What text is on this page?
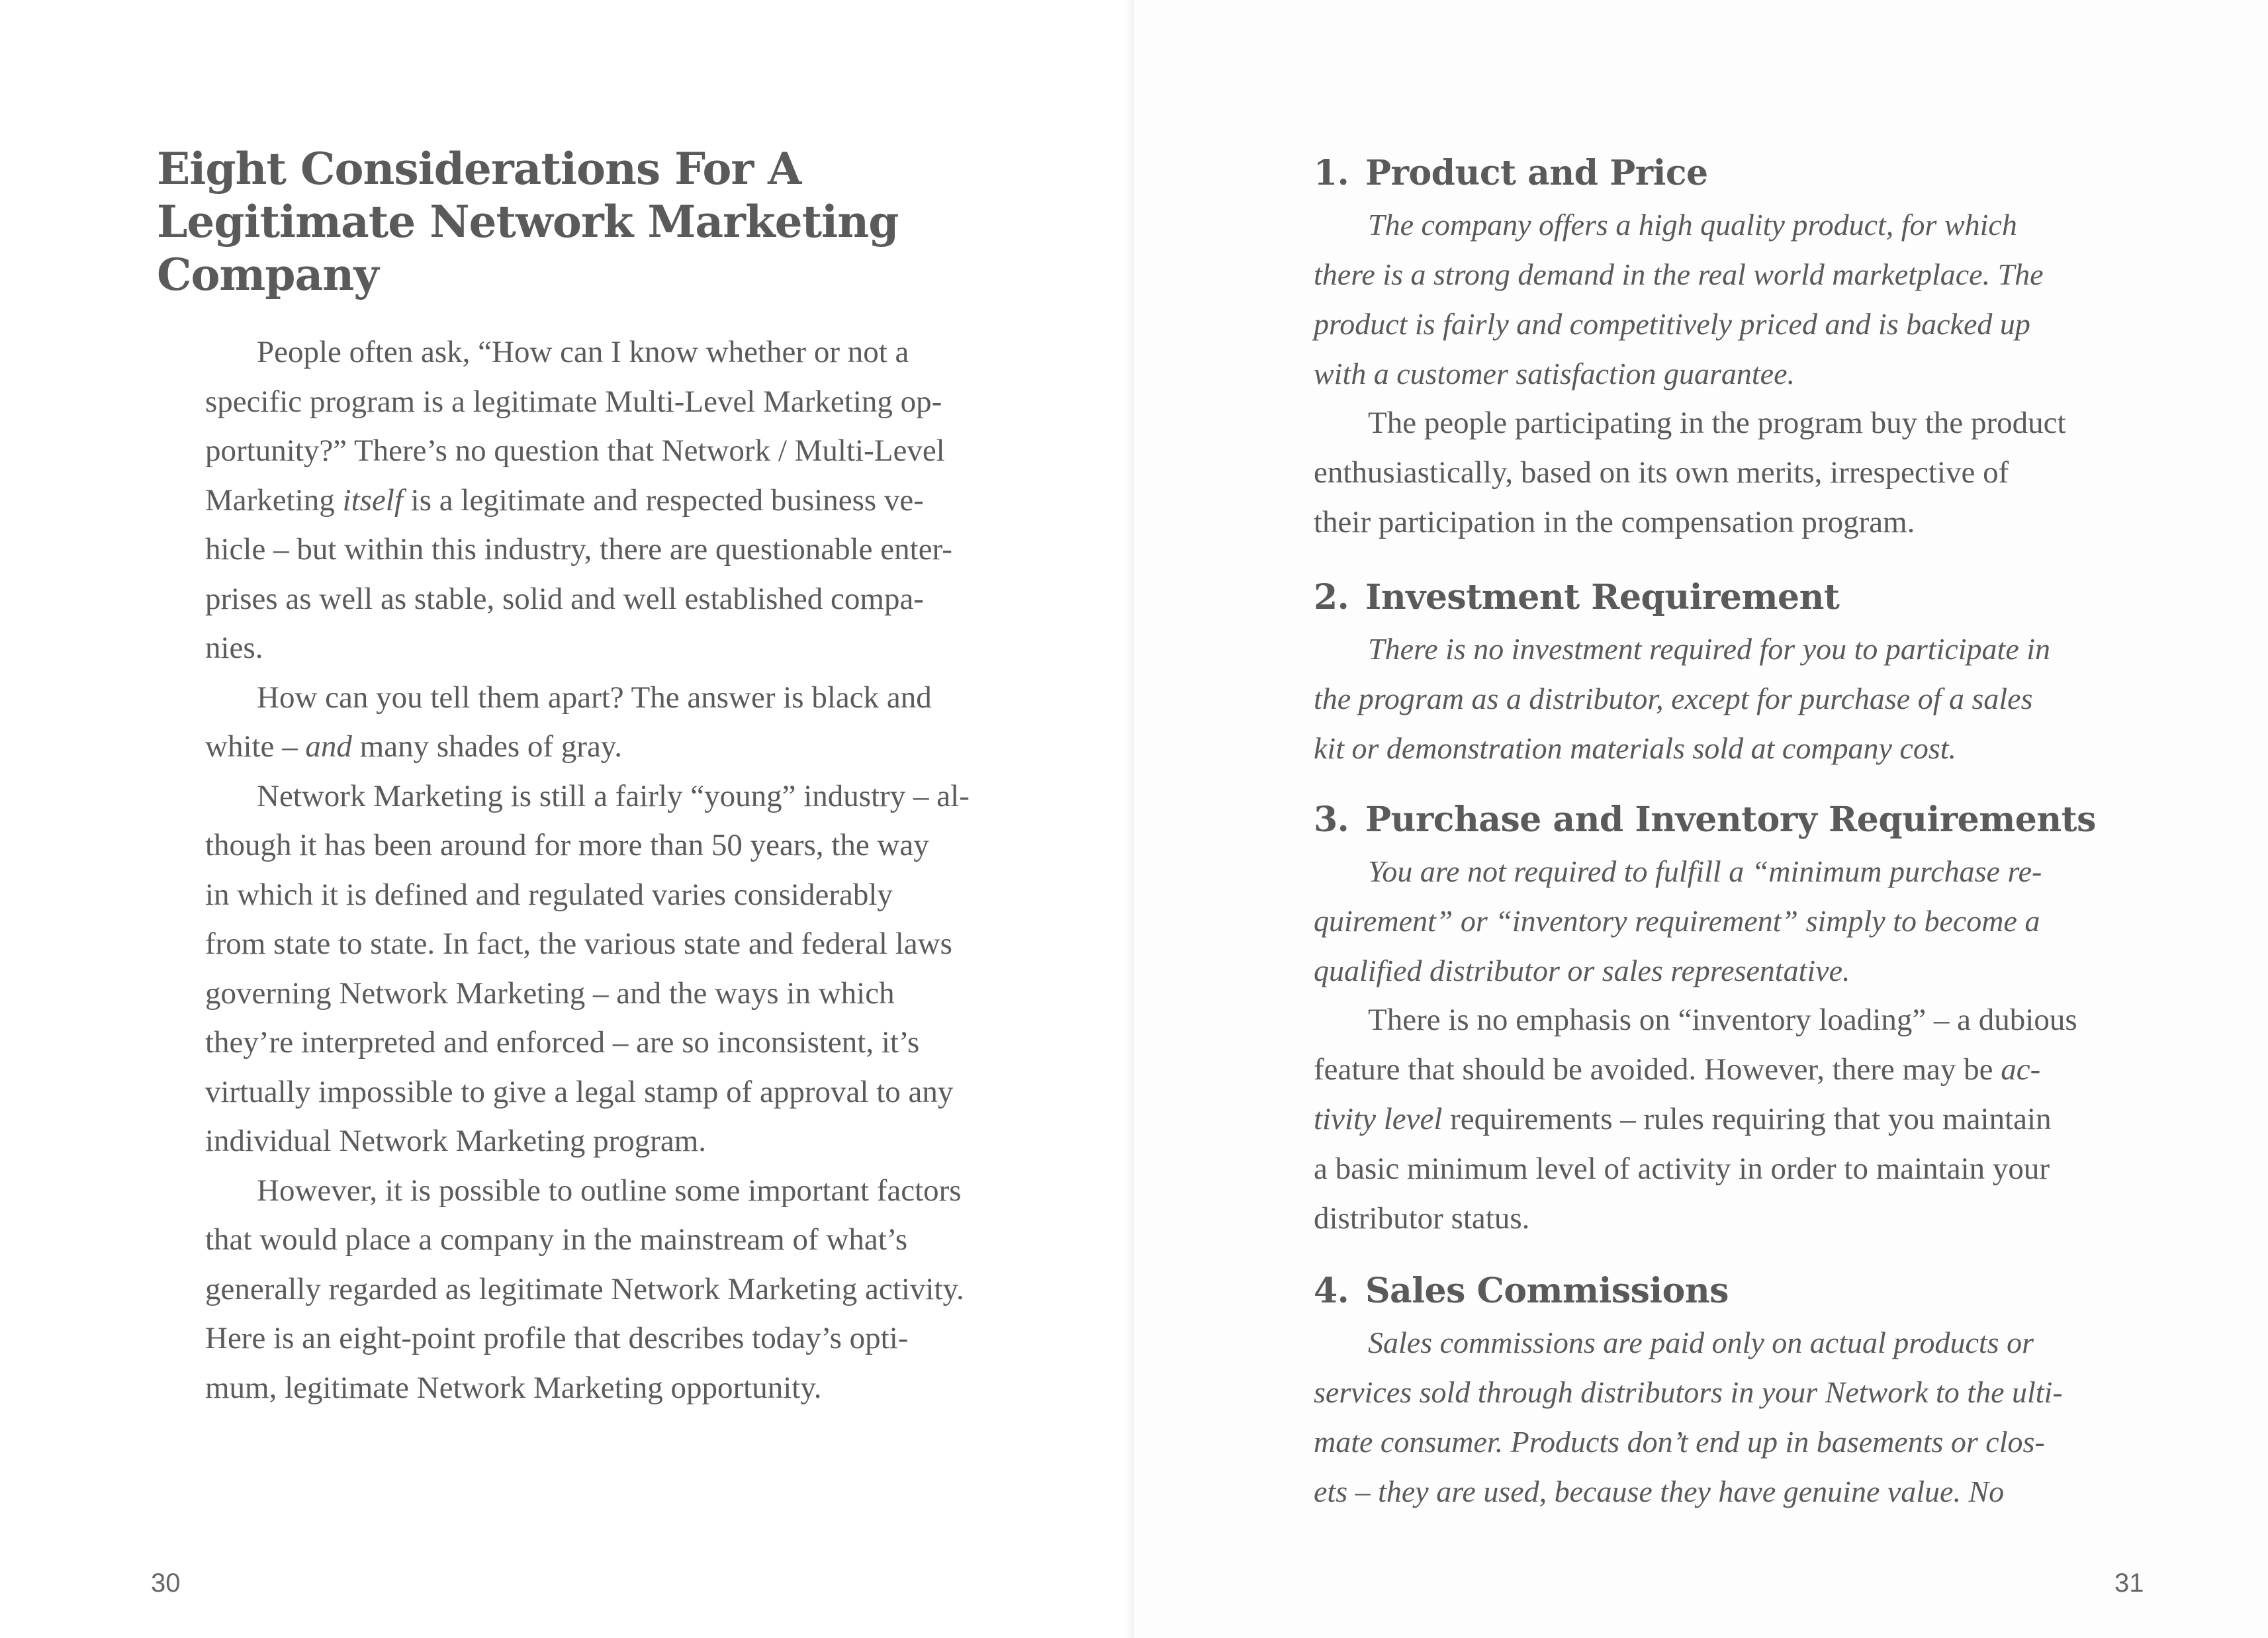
Eight Considerations For A
Legitimate Network Marketing
Company

People often ask, “How can I know whether or not a
specific program is a legitimate Multi-Level Marketing op-
portunity?” There’s no question that Network / Multi-Level
Marketing itself is a legitimate and respected business ve-
hicle – but within this industry, there are questionable enter-
prises as well as stable, solid and well established compa-
nies.

How can you tell them apart? The answer is black and
white – and many shades of gray.

Network Marketing is still a fairly “young” industry – al-
though it has been around for more than 50 years, the way
in which it is defined and regulated varies considerably
from state to state. In fact, the various state and federal laws
governing Network Marketing – and the ways in which
they’re interpreted and enforced – are so inconsistent, it’s
virtually impossible to give a legal stamp of approval to any
individual Network Marketing program.

However, it is possible to outline some important factors
that would place a company in the mainstream of what’s
generally regarded as legitimate Network Marketing activity.
Here is an eight-point profile that describes today’s opti-
mum, legitimate Network Marketing opportunity.

30
1. Product and Price

The company offers a high quality product, for which
there is a strong demand in the real world marketplace. The
product is fairly and competitively priced and is backed up
with a customer satisfaction guarantee.

The people participating in the program buy the product
enthusiastically, based on its own merits, irrespective of
their participation in the compensation program.

2. Investment Requirement

There is no investment required for you to participate in
the program as a distributor, except for purchase of a sales
kit or demonstration materials sold at company cost.

3. Purchase and Inventory Requirements

You are not required to fulfill a “minimum purchase re-
quirement” or “inventory requirement” simply to become a
qualified distributor or sales representative.

There is no emphasis on “inventory loading” – a dubious
feature that should be avoided. However, there may be ac-
tivity level requirements – rules requiring that you maintain
a basic minimum level of activity in order to maintain your
distributor status.

4. Sales Commissions

Sales commissions are paid only on actual products or
services sold through distributors in your Network to the ulti-
mate consumer. Products don’t end up in basements or clos-
ets – they are used, because they have genuine value. No

31
